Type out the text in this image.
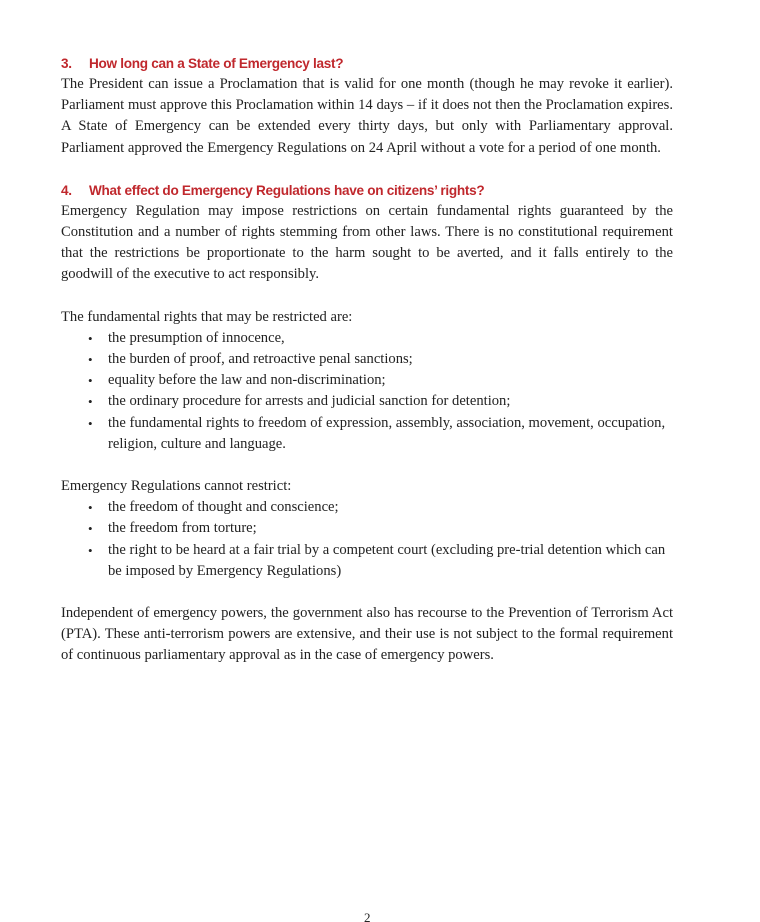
3. How long can a State of Emergency last?

The President can issue a Proclamation that is valid for one month (though he may revoke it earlier). Parliament must approve this Proclamation within 14 days – if it does not then the Proclamation expires. A State of Emergency can be extended every thirty days, but only with Parliamentary approval. Parliament approved the Emergency Regulations on 24 April without a vote for a period of one month.

4. What effect do Emergency Regulations have on citizens’ rights?

Emergency Regulation may impose restrictions on certain fundamental rights guaranteed by the Constitution and a number of rights stemming from other laws. There is no constitutional requirement that the restrictions be proportionate to the harm sought to be averted, and it falls entirely to the goodwill of the executive to act responsibly.

The fundamental rights that may be restricted are:

• the presumption of innocence,
• the burden of proof, and retroactive penal sanctions;
• equality before the law and non-discrimination;
• the ordinary procedure for arrests and judicial sanction for detention;
• the fundamental rights to freedom of expression, assembly, association, movement, occupation, religion, culture and language.

Emergency Regulations cannot restrict:

• the freedom of thought and conscience;
• the freedom from torture;
• the right to be heard at a fair trial by a competent court (excluding pre-trial detention which can be imposed by Emergency Regulations)

Independent of emergency powers, the government also has recourse to the Prevention of Terrorism Act (PTA). These anti-terrorism powers are extensive, and their use is not subject to the formal requirement of continuous parliamentary approval as in the case of emergency powers.

2
